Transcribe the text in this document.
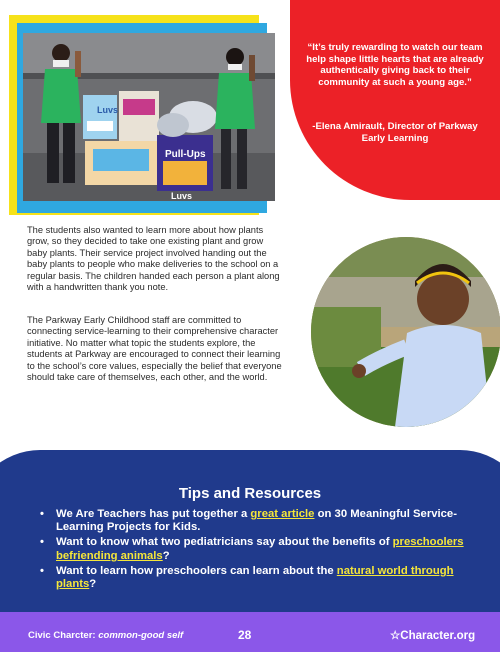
Pull-Ups
Luvs
Luvs
“It’s truly rewarding to watch our team help shape little hearts that are already authentically giving back to their community at such a young age.”
-Elena Amirault, Director of Parkway Early Learning

The students also wanted to learn more about how plants grow, so they decided to take one existing plant and grow baby plants. Their service project involved handing out the baby plants to people who make deliveries to the school on a regular basis. The children handed each person a plant along with a handwritten thank you note.

The Parkway Early Childhood staff are committed to connecting service-learning to their comprehensive character initiative. No matter what topic the students explore, the students at Parkway are encouraged to connect their learning to the school’s core values, especially the belief that everyone should take care of themselves, each other, and the world.

Tips and Resources
• We Are Teachers has put together a great article on 30 Meaningful Service-Learning Projects for Kids.
• Want to know what two pediatricians say about the benefits of preschoolers befriending animals?
• Want to learn how preschoolers can learn about the natural world through plants?
Civic Charcter: common-good self	28	☆Character.org
